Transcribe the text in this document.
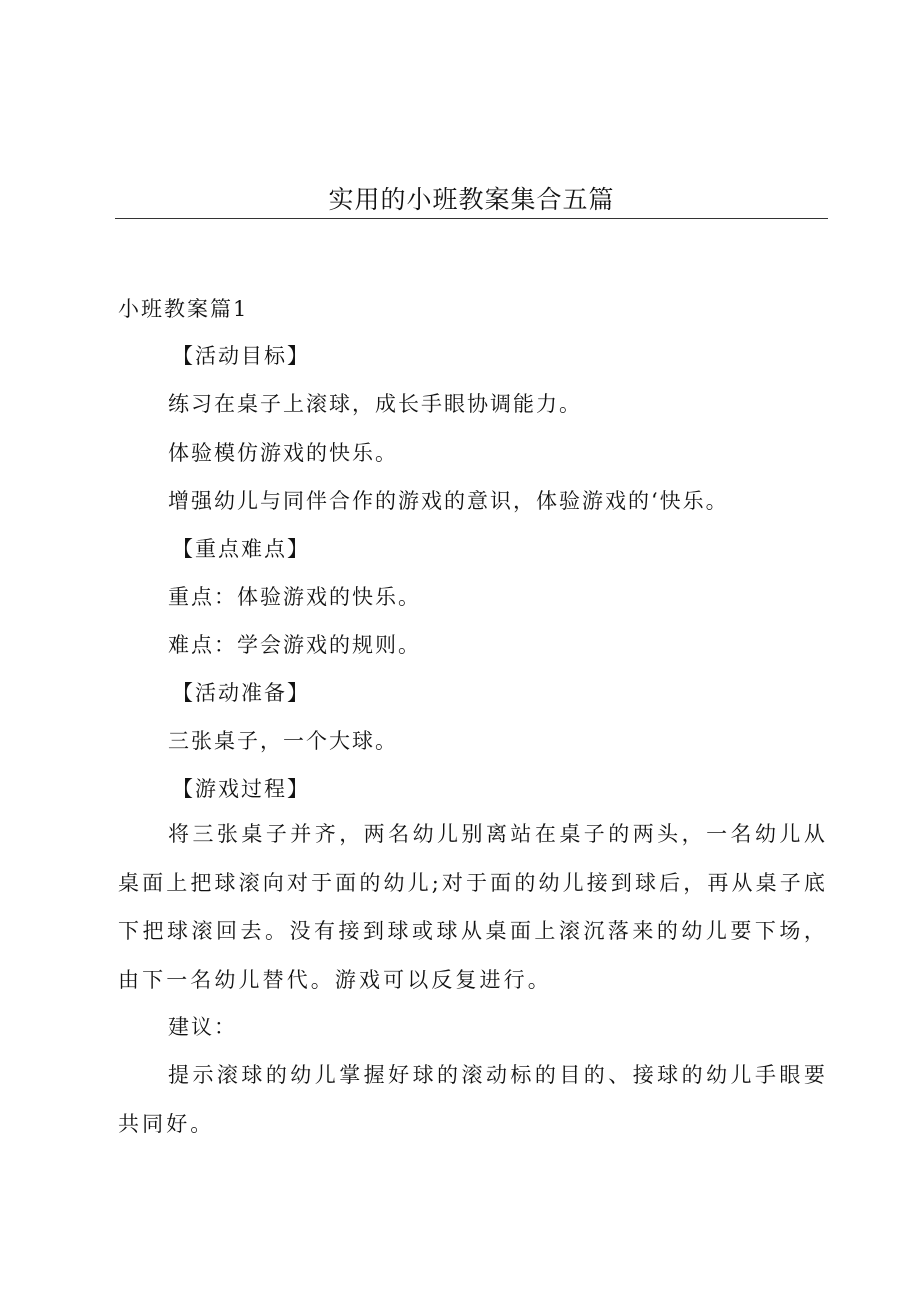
实用的小班教案集合五篇
小班教案篇1
【活动目标】
练习在桌子上滚球，成长手眼协调能力。
体验模仿游戏的快乐。
增强幼儿与同伴合作的游戏的意识，体验游戏的‘快乐。
【重点难点】
重点：体验游戏的快乐。
难点：学会游戏的规则。
【活动准备】
三张桌子，一个大球。
【游戏过程】
将三张桌子并齐，两名幼儿别离站在桌子的两头，一名幼儿从桌面上把球滚向对于面的幼儿;对于面的幼儿接到球后，再从桌子底下把球滚回去。没有接到球或球从桌面上滚沉落来的幼儿要下场，由下一名幼儿替代。游戏可以反复进行。
建议：
提示滚球的幼儿掌握好球的滚动标的目的、接球的幼儿手眼要共同好。
